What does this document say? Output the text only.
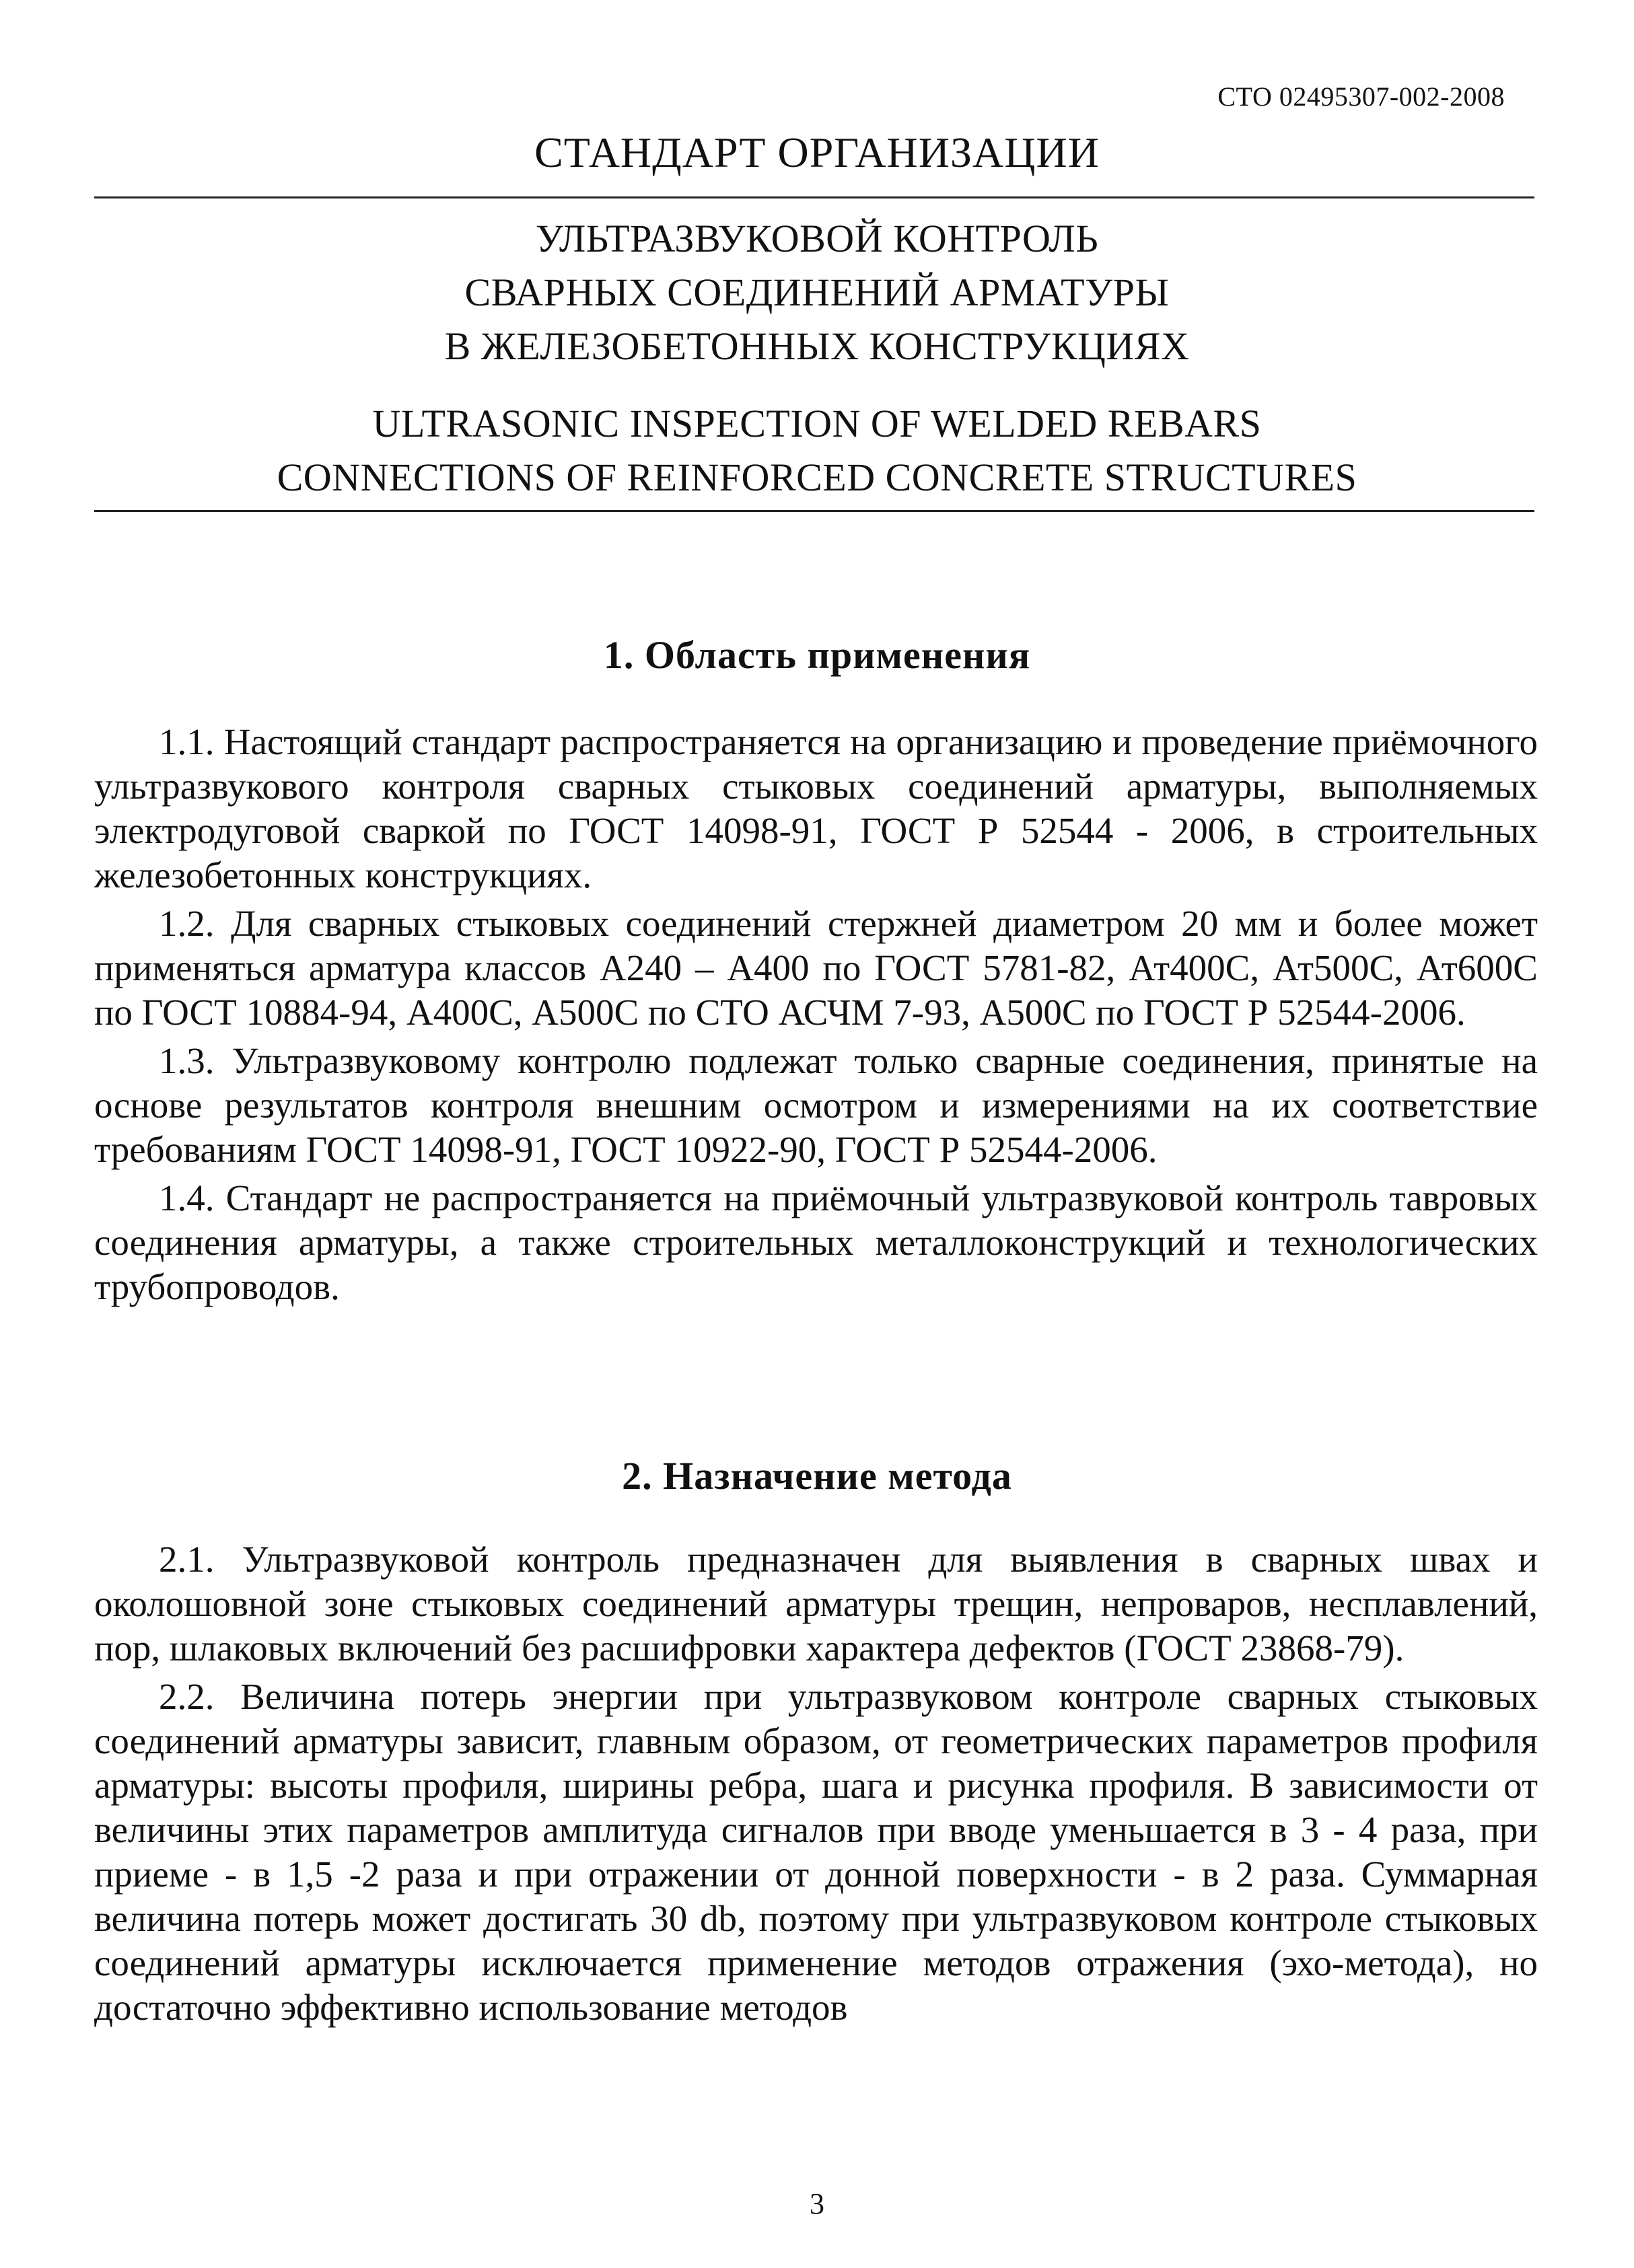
СТО 02495307-002-2008
СТАНДАРТ ОРГАНИЗАЦИИ
УЛЬТРАЗВУКОВОЙ КОНТРОЛЬ
СВАРНЫХ СОЕДИНЕНИЙ АРМАТУРЫ
В ЖЕЛЕЗОБЕТОННЫХ КОНСТРУКЦИЯХ
ULTRASONIC INSPECTION OF WELDED REBARS
CONNECTIONS OF REINFORCED CONCRETE STRUCTURES
1. Область применения

1.1. Настоящий стандарт распространяется на организацию и проведение приёмочного ультразвукового контроля сварных стыковых соединений арматуры, выполняемых электродуговой сваркой по ГОСТ 14098-91, ГОСТ Р 52544 - 2006, в строительных железобетонных конструкциях.

1.2. Для сварных стыковых соединений стержней диаметром 20 мм и более может применяться арматура классов А240 – А400 по ГОСТ 5781-82, Ат400С, Ат500С, Ат600С по ГОСТ 10884-94, А400С, А500С по СТО АСЧМ 7-93, А500С по ГОСТ Р 52544-2006.

1.3. Ультразвуковому контролю подлежат только сварные соединения, принятые на основе результатов контроля внешним осмотром и измерениями на их соответствие требованиям ГОСТ 14098-91, ГОСТ 10922-90, ГОСТ Р 52544-2006.

1.4. Стандарт не распространяется на приёмочный ультразвуковой контроль тавровых соединения арматуры, а также строительных металлоконструкций и технологических трубопроводов.

2. Назначение метода

2.1. Ультразвуковой контроль предназначен для выявления в сварных швах и околошовной зоне стыковых соединений арматуры трещин, непроваров, несплавлений, пор, шлаковых включений без расшифровки характера дефектов (ГОСТ 23868-79).

2.2. Величина потерь энергии при ультразвуковом контроле сварных стыковых соединений арматуры зависит, главным образом, от геометрических параметров профиля арматуры: высоты профиля, ширины ребра, шага и рисунка профиля. В зависимости от величины этих параметров амплитуда сигналов при вводе уменьшается в 3 - 4 раза, при приеме - в 1,5 -2 раза и при отражении от донной поверхности - в 2 раза. Суммарная величина потерь может достигать 30 db, поэтому при ультразвуковом контроле стыковых соединений арматуры исключается применение методов отражения (эхо-метода), но достаточно эффективно использование методов

3
